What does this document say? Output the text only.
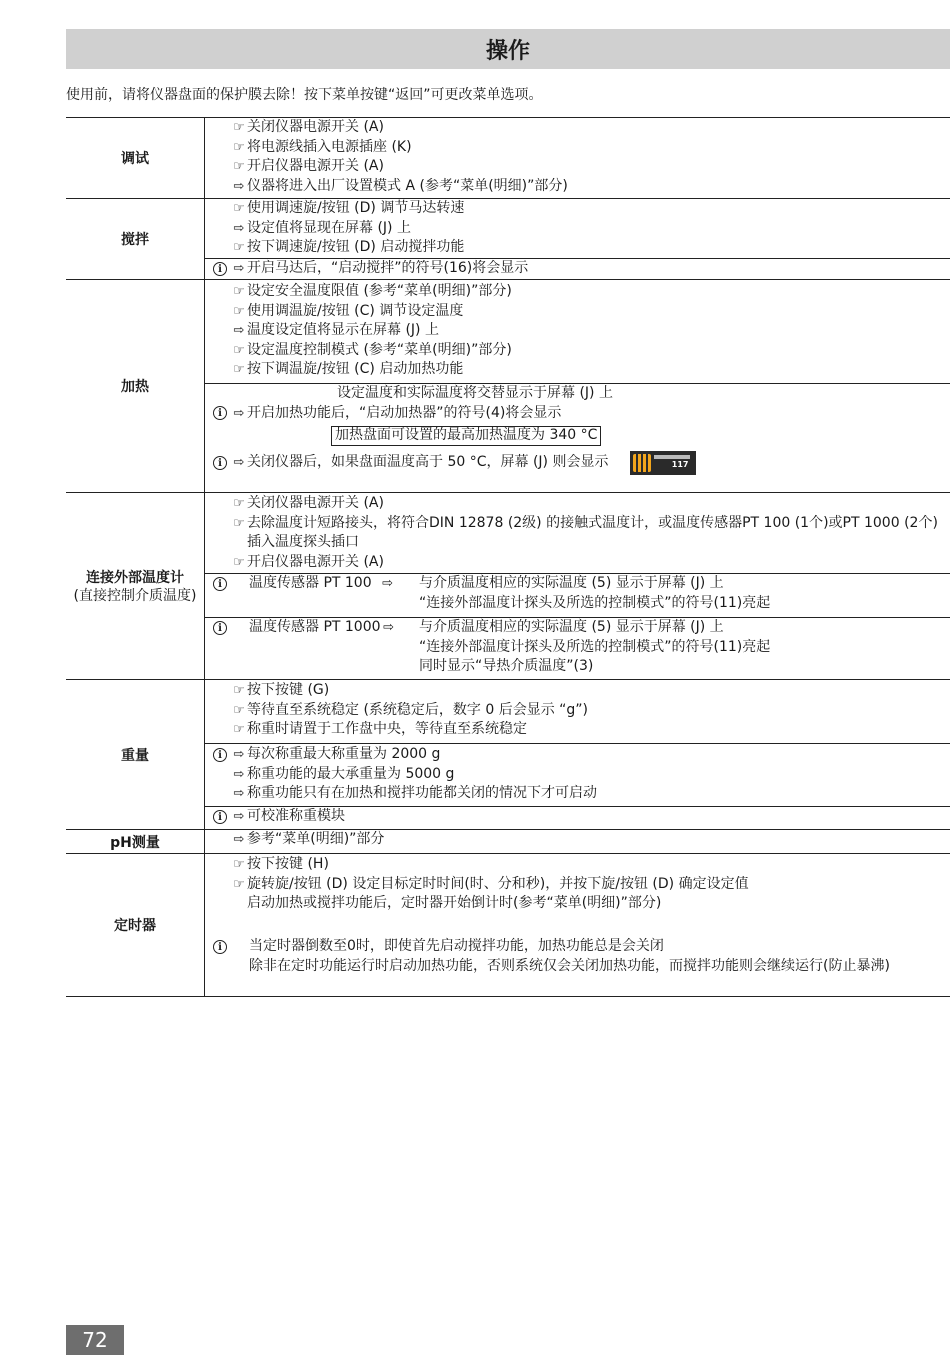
操作
使用前，请将仪器盘面的保护膜去除！按下菜单按键“返回”可更改菜单选项。
调试
☞ 关闭仪器电源开关 (A)
☞ 将电源线插入电源插座 (K)
☞ 开启仪器电源开关 (A)
⇨ 仪器将进入出厂设置模式 A (参考“菜单(明细)”部分)
搅拌
☞ 使用调速旋/按钮 (D) 调节马达转速
⇨ 设定值将显现在屏幕 (J) 上
☞ 按下调速旋/按钮 (D) 启动搅拌功能
i ⇨ 开启马达后，“启动搅拌”的符号(16)将会显示
加热
☞ 设定安全温度限值 (参考“菜单(明细)”部分)
☞ 使用调温旋/按钮 (C) 调节设定温度
⇨ 温度设定值将显示在屏幕 (J) 上
☞ 设定温度控制模式 (参考“菜单(明细)”部分)
☞ 按下调温旋/按钮 (C) 启动加热功能
设定温度和实际温度将交替显示于屏幕 (J) 上
i ⇨ 开启加热功能后，“启动加热器”的符号(4)将会显示
加热盘面可设置的最高加热温度为 340 °C
i ⇨ 关闭仪器后，如果盘面温度高于 50 °C，屏幕 (J) 则会显示	117
连接外部温度计
(直接控制介质温度)
☞ 关闭仪器电源开关 (A)
☞ 去除温度计短路接头，将符合DIN 12878 (2级) 的接触式温度计，或温度传感器PT 100 (1个)或PT 1000 (2个)
插入温度探头插口
☞ 开启仪器电源开关 (A)
i	温度传感器 PT 100 ⇨ 与介质温度相应的实际温度 (5) 显示于屏幕 (J) 上
“连接外部温度计探头及所选的控制模式”的符号(11)亮起
i	温度传感器 PT 1000 ⇨ 与介质温度相应的实际温度 (5) 显示于屏幕 (J) 上
“连接外部温度计探头及所选的控制模式”的符号(11)亮起
同时显示“导热介质温度”(3)
重量
☞ 按下按键 (G)
☞ 等待直至系统稳定 (系统稳定后，数字 0 后会显示 “g”)
☞ 称重时请置于工作盘中央，等待直至系统稳定
i ⇨ 每次称重最大称重量为 2000 g
⇨ 称重功能的最大承重量为 5000 g
⇨ 称重功能只有在加热和搅拌功能都关闭的情况下才可启动
i ⇨ 可校准称重模块
pH测量	⇨ 参考“菜单(明细)”部分
定时器
☞ 按下按键 (H)
☞ 旋转旋/按钮 (D) 设定目标定时时间(时、分和秒)，并按下旋/按钮 (D) 确定设定值
启动加热或搅拌功能后，定时器开始倒计时(参考“菜单(明细)”部分)
i	当定时器倒数至0时，即使首先启动搅拌功能，加热功能总是会关闭
除非在定时功能运行时启动加热功能，否则系统仅会关闭加热功能，而搅拌功能则会继续运行(防止暴沸)
72
